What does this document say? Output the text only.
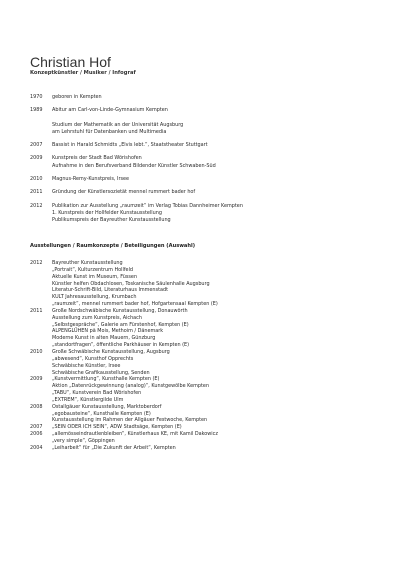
Christian Hof
Konzeptkünstler / Musiker / Infograf
1970	geboren in Kempten
1989	Abitur am Carl-von-Linde-Gymnasium Kempten

Studium der Mathematik an der Universität Augsburg
am Lehrstuhl für Datenbanken und Multimedia
2007	Bassist in Harald Schmidts „Elvis lebt.“, Staatstheater Stuttgart
2009	Kunstpreis der Stadt Bad Wörishofen
Aufnahme in den Berufsverband Bildender Künstler Schwaben-Süd
2010	Magnus-Remy-Kunstpreis, Irsee
2011	Gründung der Künstlersozietät mennel rummert bader hof
2012	Publikation zur Ausstellung „raumzeit“ im Verlag Tobias Dannheimer Kempten
1. Kunstpreis der Hollfelder Kunstausstellung
Publikumspreis der Bayreuther Kunstausstellung
Ausstellungen / Raumkonzepte / Beteiligungen (Auswahl)
2012	Bayreuther Kunstausstellung
„Portrait“, Kulturzentrum Hollfeld
Aktuelle Kunst im Museum, Füssen
Künstler helfen Obdachlosen, Toskanische Säulenhalle Augsburg
Literatur-Schrift-Bild, Literaturhaus Immenstadt
KULT Jahresausstellung, Krumbach
„raumzeit“, mennel rummert bader hof, Hofgartensaal Kempten (E)
2011	Große Nordschwäbische Kunstausstellung, Donauwörth
Ausstellung zum Kunstpreis, Aichach
„Selbstgespräche“, Galerie am Fürstenhof, Kempten (E)
ALPENGLÜHEN pã Mois, Methoim / Dänemark
Moderne Kunst in alten Mauern, Günzburg
„standortfragen“, öffentliche Parkhäuser in Kempten (E)
2010	Große Schwäbische Kunstausstellung, Augsburg
„abwesend“, Kunsthof Opprechts
Schwäbische Künstler, Irsee
Schwäbische Grafikausstellung, Senden
2009	„Kunstvermittlung“, Kunsthalle Kempten (E)
Aktion „Datenrückgewinnung (analog)“, Kunstgewölbe Kempten
„TABU“, Kunstverein Bad Wörishofen
„EXTREM“, Künstlergilde Ulm
2008	Ostallgäuer Kunstausstellung, Marktoberdorf
„egobausteine“, Kunsthalle Kempten (E)
Kunstausstellung im Rahmen der Allgäuer Festwoche, Kempten
2007	„SEIN ODER ICH SEIN“, ADW Stadtsäge, Kempten (E)
2006	„allemösseindrautlenbleiben“, Künstlerhaus KE, mit Kamil Dakowicz
„very simple“, Göppingen
2004	„Leiharbeit“ für „Die Zukunft der Arbeit“, Kempten
